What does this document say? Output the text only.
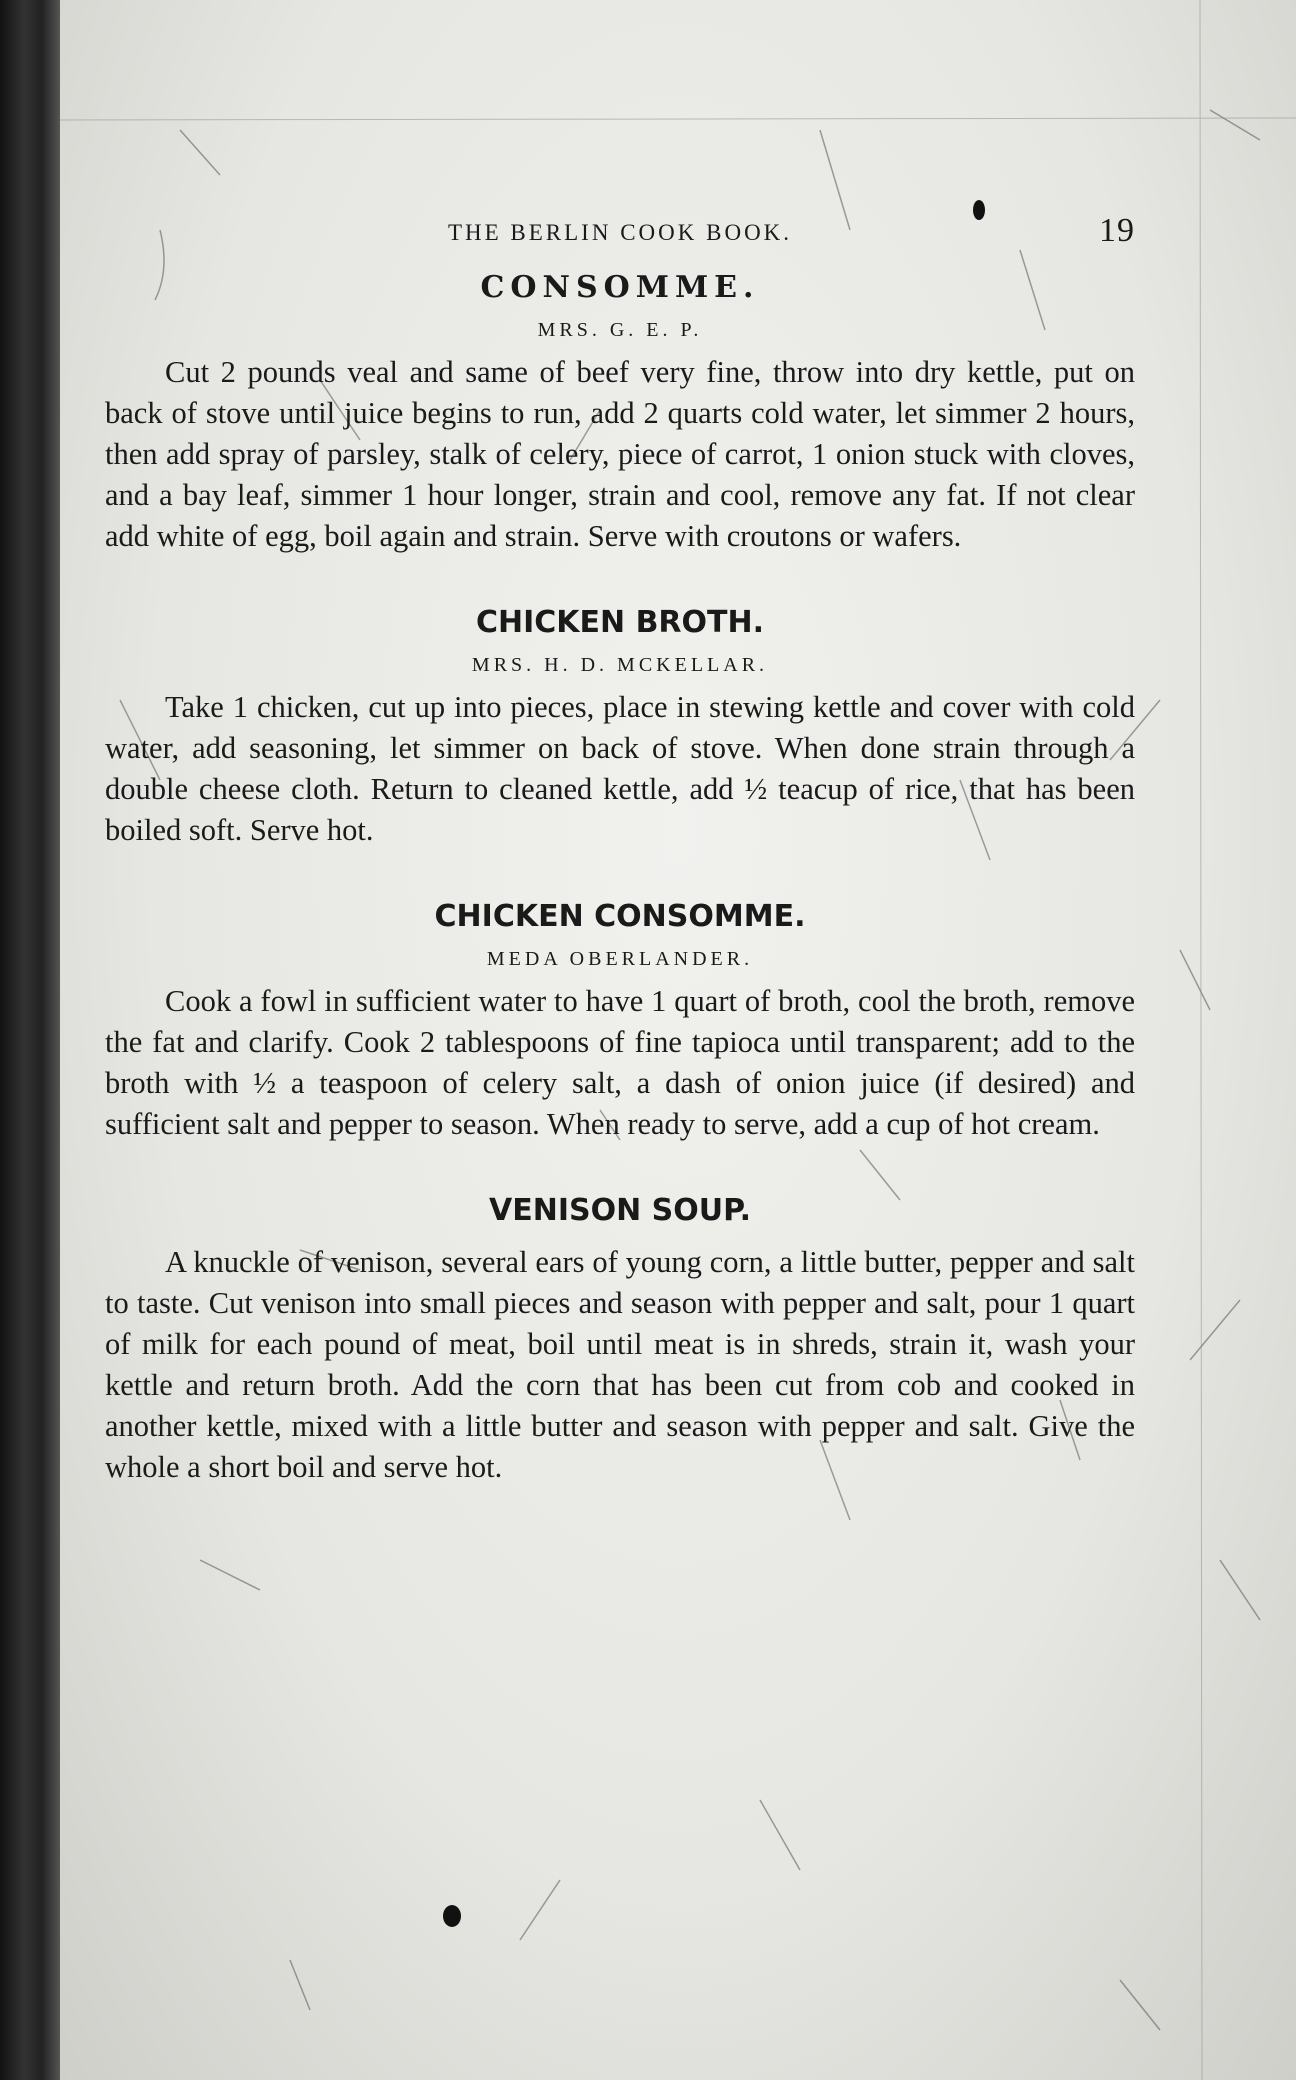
THE BERLIN COOK BOOK.	19
CONSOMME.

MRS. G. E. P.

Cut 2 pounds veal and same of beef very fine, throw into dry kettle, put on back of stove until juice begins to run, add 2 quarts cold water, let simmer 2 hours, then add spray of parsley, stalk of celery, piece of carrot, 1 onion stuck with cloves, and a bay leaf, simmer 1 hour longer, strain and cool, remove any fat. If not clear add white of egg, boil again and strain. Serve with croutons or wafers.

CHICKEN BROTH.

MRS. H. D. MCKELLAR.

Take 1 chicken, cut up into pieces, place in stewing kettle and cover with cold water, add seasoning, let simmer on back of stove. When done strain through a double cheese cloth. Return to cleaned kettle, add ½ teacup of rice, that has been boiled soft. Serve hot.

CHICKEN CONSOMME.

MEDA OBERLANDER.

Cook a fowl in sufficient water to have 1 quart of broth, cool the broth, remove the fat and clarify. Cook 2 tablespoons of fine tapioca until transparent; add to the broth with ½ a teaspoon of celery salt, a dash of onion juice (if desired) and sufficient salt and pepper to season. When ready to serve, add a cup of hot cream.

VENISON SOUP.

A knuckle of venison, several ears of young corn, a little butter, pepper and salt to taste. Cut venison into small pieces and season with pepper and salt, pour 1 quart of milk for each pound of meat, boil until meat is in shreds, strain it, wash your kettle and return broth. Add the corn that has been cut from cob and cooked in another kettle, mixed with a little butter and season with pepper and salt. Give the whole a short boil and serve hot.
